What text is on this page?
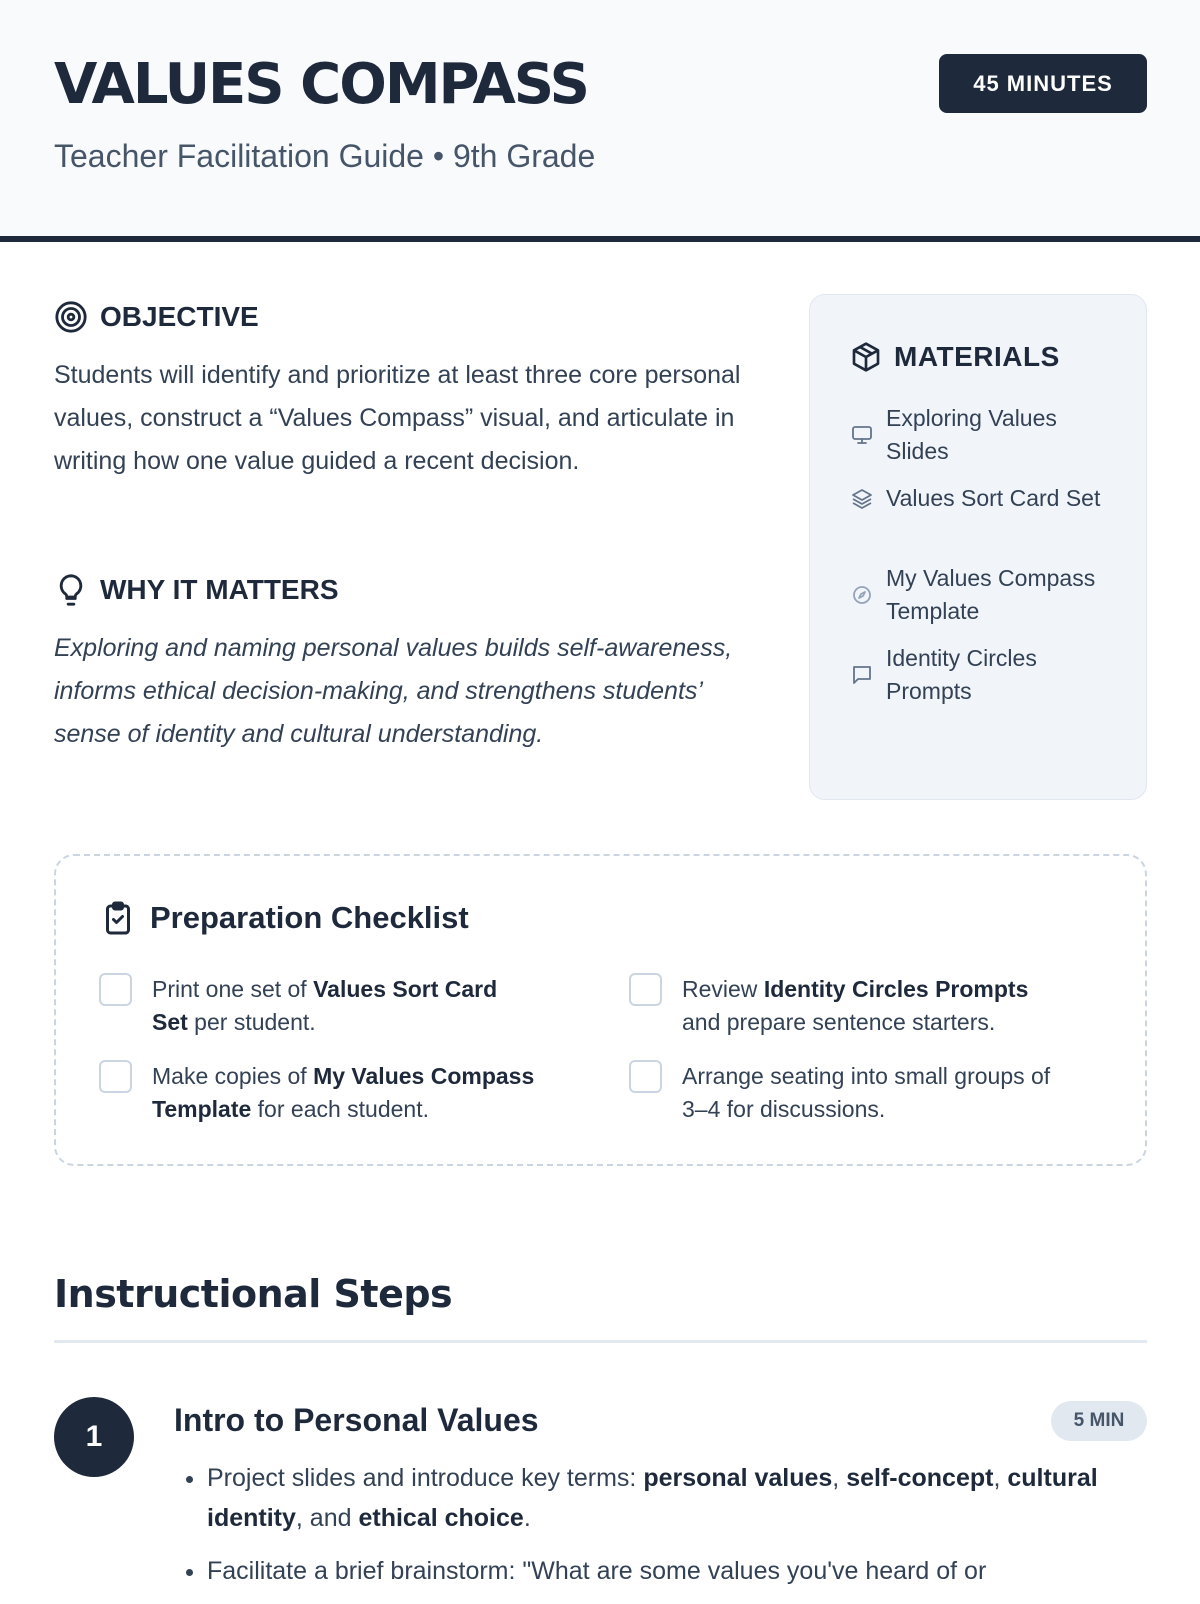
VALUES COMPASS
Teacher Facilitation Guide • 9th Grade
45 MINUTES
OBJECTIVE
Students will identify and prioritize at least three core personal values, construct a “Values Compass” visual, and articulate in writing how one value guided a recent decision.
WHY IT MATTERS
Exploring and naming personal values builds self-awareness, informs ethical decision-making, and strengthens students’ sense of identity and cultural understanding.
MATERIALS
Exploring Values Slides
Values Sort Card Set
My Values Compass Template
Identity Circles Prompts
Preparation Checklist
Print one set of Values Sort Card Set per student.
Review Identity Circles Prompts and prepare sentence starters.
Make copies of My Values Compass Template for each student.
Arrange seating into small groups of 3–4 for discussions.
Instructional Steps
1	Intro to Personal Values	5 MIN
• Project slides and introduce key terms: personal values, self-concept, cultural identity, and ethical choice.
• Facilitate a brief brainstorm: "What are some values you've heard of or
